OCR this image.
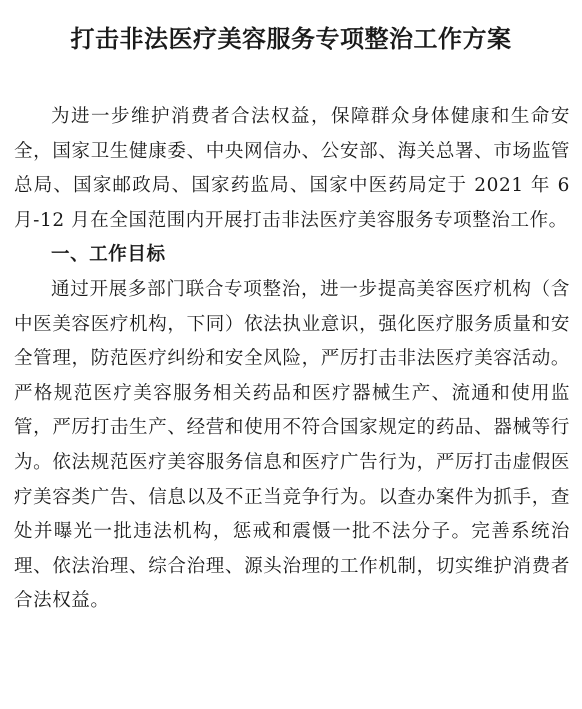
打击非法医疗美容服务专项整治工作方案

为进一步维护消费者合法权益，保障群众身体健康和生命安全，国家卫生健康委、中央网信办、公安部、海关总署、市场监管总局、国家邮政局、国家药监局、国家中医药局定于 2021 年 6 月-12 月在全国范围内开展打击非法医疗美容服务专项整治工作。

一、工作目标

通过开展多部门联合专项整治，进一步提高美容医疗机构（含中医美容医疗机构，下同）依法执业意识，强化医疗服务质量和安全管理，防范医疗纠纷和安全风险，严厉打击非法医疗美容活动。严格规范医疗美容服务相关药品和医疗器械生产、流通和使用监管，严厉打击生产、经营和使用不符合国家规定的药品、器械等行为。依法规范医疗美容服务信息和医疗广告行为，严厉打击虚假医疗美容类广告、信息以及不正当竞争行为。以查办案件为抓手，查处并曝光一批违法机构，惩戒和震慑一批不法分子。完善系统治理、依法治理、综合治理、源头治理的工作机制，切实维护消费者合法权益。
